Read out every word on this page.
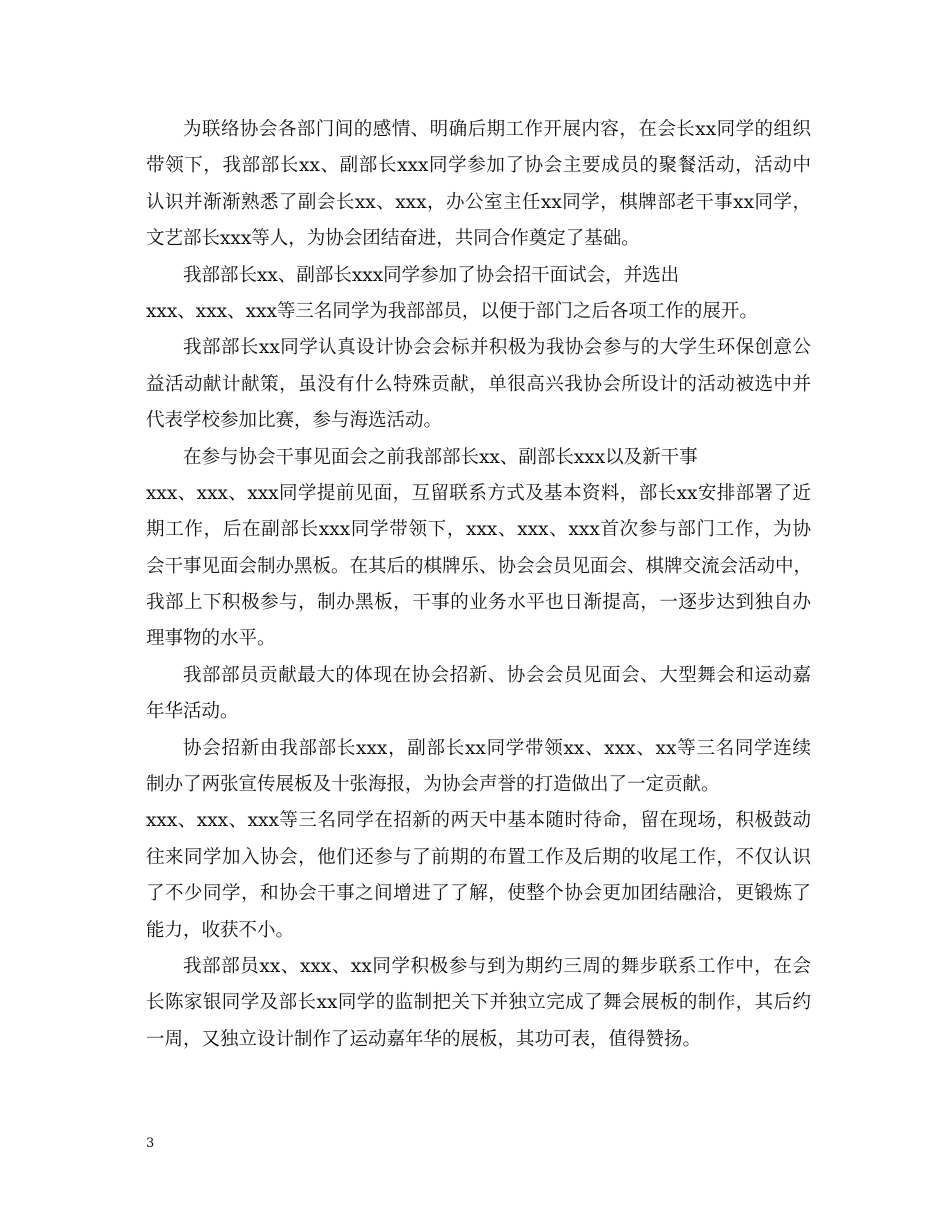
为联络协会各部门间的感情、明确后期工作开展内容，在会长xx同学的组织
带领下，我部部长xx、副部长xxx同学参加了协会主要成员的聚餐活动，活动中
认识并渐渐熟悉了副会长xx、xxx，办公室主任xx同学，棋牌部老干事xx同学，
文艺部长xxx等人，为协会团结奋进，共同合作奠定了基础。
我部部长xx、副部长xxx同学参加了协会招干面试会，并选出
xxx、xxx、xxx等三名同学为我部部员，以便于部门之后各项工作的展开。
我部部长xx同学认真设计协会会标并积极为我协会参与的大学生环保创意公
益活动献计献策，虽没有什么特殊贡献，单很高兴我协会所设计的活动被选中并
代表学校参加比赛，参与海选活动。
在参与协会干事见面会之前我部部长xx、副部长xxx以及新干事
xxx、xxx、xxx同学提前见面，互留联系方式及基本资料，部长xx安排部署了近
期工作，后在副部长xxx同学带领下，xxx、xxx、xxx首次参与部门工作，为协
会干事见面会制办黑板。在其后的棋牌乐、协会会员见面会、棋牌交流会活动中，
我部上下积极参与，制办黑板，干事的业务水平也日渐提高，一逐步达到独自办
理事物的水平。
我部部员贡献最大的体现在协会招新、协会会员见面会、大型舞会和运动嘉
年华活动。
协会招新由我部部长xxx，副部长xx同学带领xx、xxx、xx等三名同学连续
制办了两张宣传展板及十张海报，为协会声誉的打造做出了一定贡献。
xxx、xxx、xxx等三名同学在招新的两天中基本随时待命，留在现场，积极鼓动
往来同学加入协会，他们还参与了前期的布置工作及后期的收尾工作，不仅认识
了不少同学，和协会干事之间增进了了解，使整个协会更加团结融洽，更锻炼了
能力，收获不小。
我部部员xx、xxx、xx同学积极参与到为期约三周的舞步联系工作中，在会
长陈家银同学及部长xx同学的监制把关下并独立完成了舞会展板的制作，其后约
一周，又独立设计制作了运动嘉年华的展板，其功可表，值得赞扬。
3
